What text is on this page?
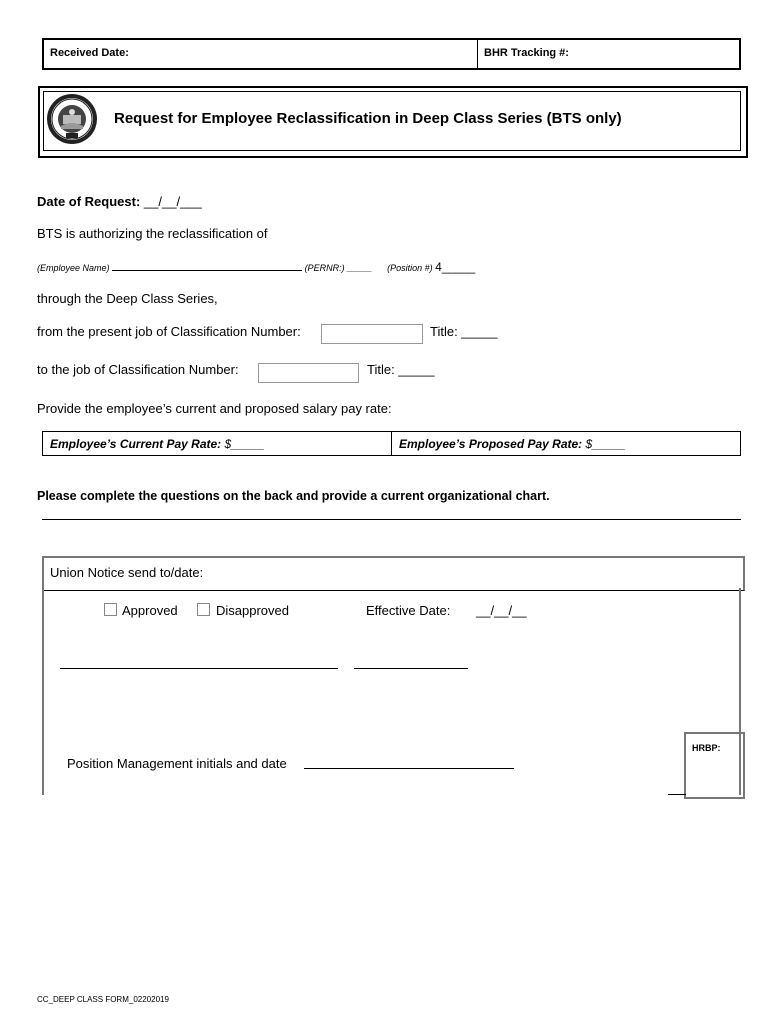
Received Date:	BHR Tracking #:
Request for Employee Reclassification in Deep Class Series (BTS only)
Date of Request: __/__/___
BTS is authorizing the reclassification of
(Employee Name)	(PERNR:) _____ (Position #) 4_____
through the Deep Class Series,
from the present job of Classification Number:	Title: _____
to the job of Classification Number:	Title: _____
Provide the employee’s current and proposed salary pay rate:
Employee’s Current Pay Rate: $_____	Employee’s Proposed Pay Rate: $_____
Please complete the questions on the back and provide a current organizational chart.
Union Notice send to/date:
Approved	Disapproved	Effective Date: __/__/__
Position Management initials and date
HRBP:
CC_DEEP CLASS FORM_02202019
